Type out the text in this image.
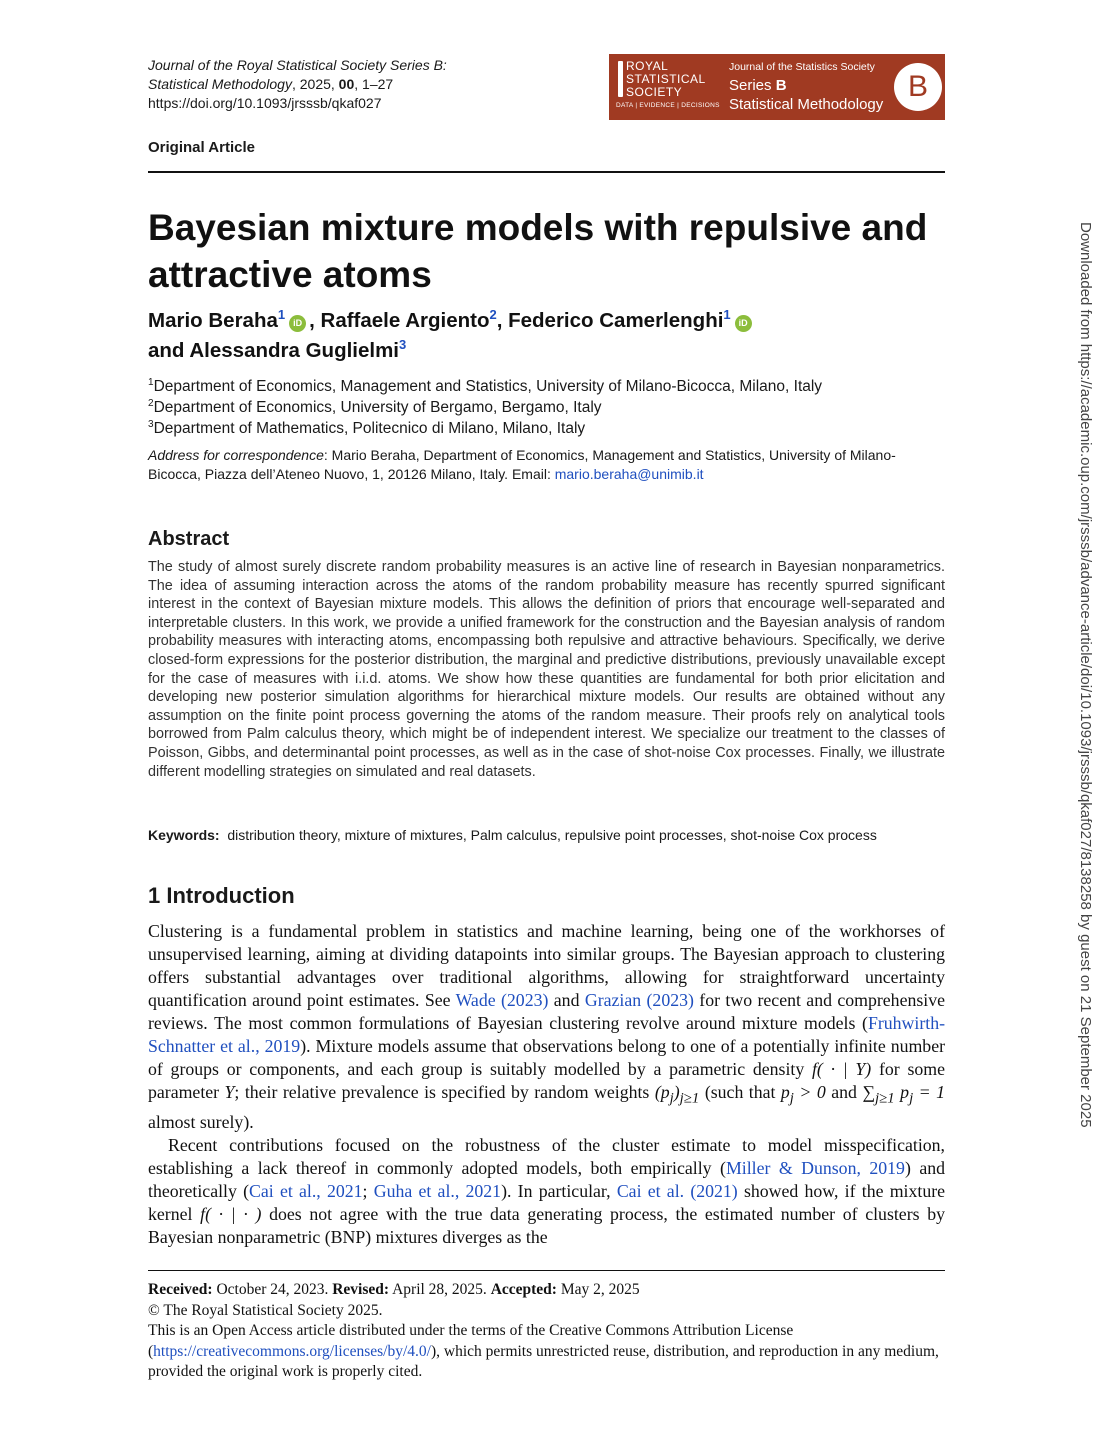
Journal of the Royal Statistical Society Series B:
Statistical Methodology, 2025, 00, 1–27
https://doi.org/10.1093/jrsssb/qkaf027
ROYAL
STATISTICAL
SOCIETY
DATA | EVIDENCE | DECISIONS
Journal of the Statistics Society
Series B
Statistical Methodology
B
Original Article
Bayesian mixture models with repulsive and attractive atoms
Mario Beraha$^1$iD , Raffaele Argiento$^2$, Federico Camerlenghi$^1$iD
and Alessandra Guglielmi$^3$
$^1$Department of Economics, Management and Statistics, University of Milano-Bicocca, Milano, Italy
$^2$Department of Economics, University of Bergamo, Bergamo, Italy
$^3$Department of Mathematics, Politecnico di Milano, Milano, Italy
Address for correspondence: Mario Beraha, Department of Economics, Management and Statistics, University of Milano-Bicocca, Piazza dell’Ateneo Nuovo, 1, 20126 Milano, Italy. Email: mario.beraha@unimib.it
Abstract
The study of almost surely discrete random probability measures is an active line of research in Bayesian nonparametrics. The idea of assuming interaction across the atoms of the random probability measure has recently spurred significant interest in the context of Bayesian mixture models. This allows the definition of priors that encourage well-separated and interpretable clusters. In this work, we provide a unified framework for the construction and the Bayesian analysis of random probability measures with interacting atoms, encompassing both repulsive and attractive behaviours. Specifically, we derive closed-form expressions for the posterior distribution, the marginal and predictive distributions, previously unavailable except for the case of measures with i.i.d. atoms. We show how these quantities are fundamental for both prior elicitation and developing new posterior simulation algorithms for hierarchical mixture models. Our results are obtained without any assumption on the finite point process governing the atoms of the random measure. Their proofs rely on analytical tools borrowed from Palm calculus theory, which might be of independent interest. We specialize our treatment to the classes of Poisson, Gibbs, and determinantal point processes, as well as in the case of shot-noise Cox processes. Finally, we illustrate different modelling strategies on simulated and real datasets.
Keywords: distribution theory, mixture of mixtures, Palm calculus, repulsive point processes, shot-noise Cox process
1 Introduction

Clustering is a fundamental problem in statistics and machine learning, being one of the workhorses of unsupervised learning, aiming at dividing datapoints into similar groups. The Bayesian approach to clustering offers substantial advantages over traditional algorithms, allowing for straightforward uncertainty quantification around point estimates. See Wade (2023) and Grazian (2023) for two recent and comprehensive reviews. The most common formulations of Bayesian clustering revolve around mixture models (Fruhwirth-Schnatter et al., 2019). Mixture models assume that observations belong to one of a potentially infinite number of groups or components, and each group is suitably modelled by a parametric density f( · | Y) for some parameter Y; their relative prevalence is specified by random weights $(p_j)_{j\ge 1}$ (such that $p_j > 0$ and $\sum_{j\ge 1}$ $p_j = 1$ almost surely).

Recent contributions focused on the robustness of the cluster estimate to model misspecification, establishing a lack thereof in commonly adopted models, both empirically (Miller & Dunson, 2019) and theoretically (Cai et al., 2021; Guha et al., 2021). In particular, Cai et al. (2021) showed how, if the mixture kernel f( · | · ) does not agree with the true data generating process, the estimated number of clusters by Bayesian nonparametric (BNP) mixtures diverges as the

Received: October 24, 2023. Revised: April 28, 2025. Accepted: May 2, 2025
© The Royal Statistical Society 2025.
This is an Open Access article distributed under the terms of the Creative Commons Attribution License (https://creativecommons.org/licenses/by/4.0/), which permits unrestricted reuse, distribution, and reproduction in any medium, provided the original work is properly cited.
Downloaded from https://academic.oup.com/jrsssb/advance-article/doi/10.1093/jrsssb/qkaf027/8138258 by guest on 21 September 2025
